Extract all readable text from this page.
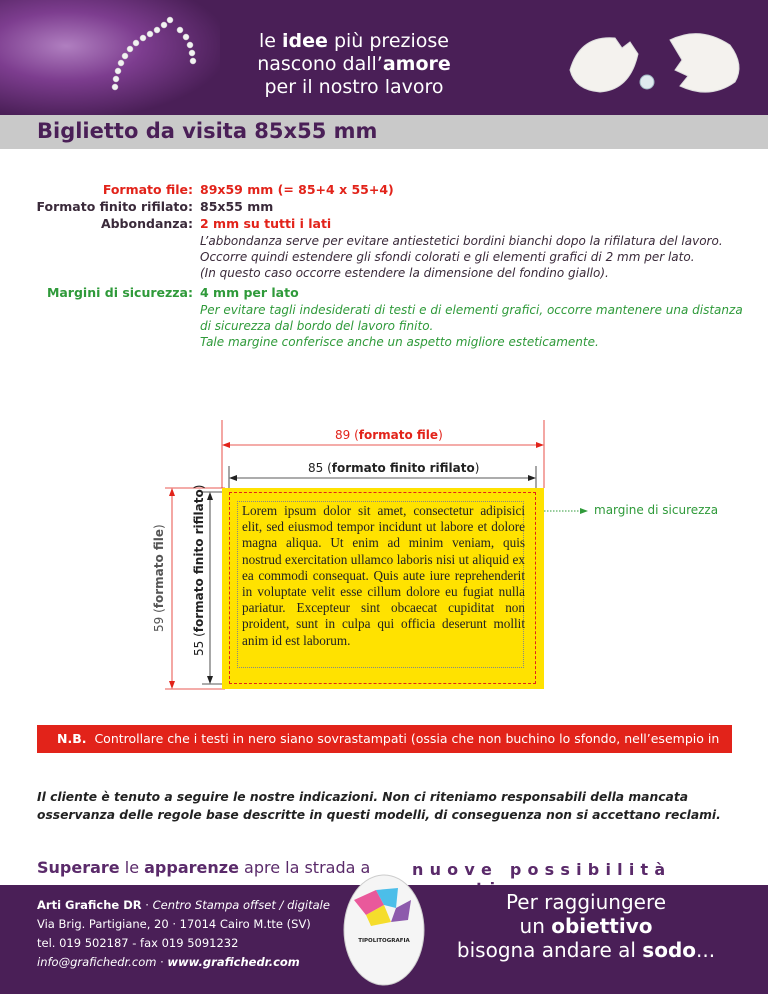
le idee più preziose
nascono dall’amore
per il nostro lavoro
Biglietto da visita 85x55 mm
Formato file: 89x59 mm (= 85+4 x 55+4)
Formato finito rifilato: 85x55 mm
Abbondanza: 2 mm su tutti i lati
L’abbondanza serve per evitare antiestetici bordini bianchi dopo la rifilatura del lavoro.
Occorre quindi estendere gli sfondi colorati e gli elementi grafici di 2 mm per lato.
(In questo caso occorre estendere la dimensione del fondino giallo).
Margini di sicurezza: 4 mm per lato
Per evitare tagli indesiderati di testi e di elementi grafici, occorre mantenere una distanza
di sicurezza dal bordo del lavoro finito.
Tale margine conferisce anche un aspetto migliore esteticamente.
Lorem ipsum dolor sit amet, consectetur adipisici elit, sed eiusmod tempor incidunt ut labore et dolore magna aliqua. Ut enim ad minim veniam, quis nostrud exercitation ullamco laboris nisi ut aliquid ex ea commodi consequat. Quis aute iure reprehenderit in voluptate velit esse cillum dolore eu fugiat nulla pariatur. Excepteur sint obcaecat cupiditat non proident, sunt in culpa qui officia deserunt mollit anim id est laborum.
89 (formato file)
85 (formato finito rifilato)
59 (formato file)
55 (formato finito rifilato)
margine di sicurezza
N.B. Controllare che i testi in nero siano sovrastampati (ossia che non buchino lo sfondo, nell’esempio in giallo)
Il cliente è tenuto a seguire le nostre indicazioni. Non ci riteniamo responsabili della mancata osservanza delle regole base descritte in questi modelli, di conseguenza non si accettano reclami.
Superare le apparenze apre la strada a	nuove possibilità
Arti Grafiche DR · Centro Stampa offset / digitale
Via Brig. Partigiane, 20 · 17014 Cairo M.tte (SV)
tel. 019 502187 - fax 019 5091232
info@grafichedr.com · www.grafichedr.com
TIPOLITOGRAFIA
Per raggiungere
un obiettivo
bisogna andare al sodo...
